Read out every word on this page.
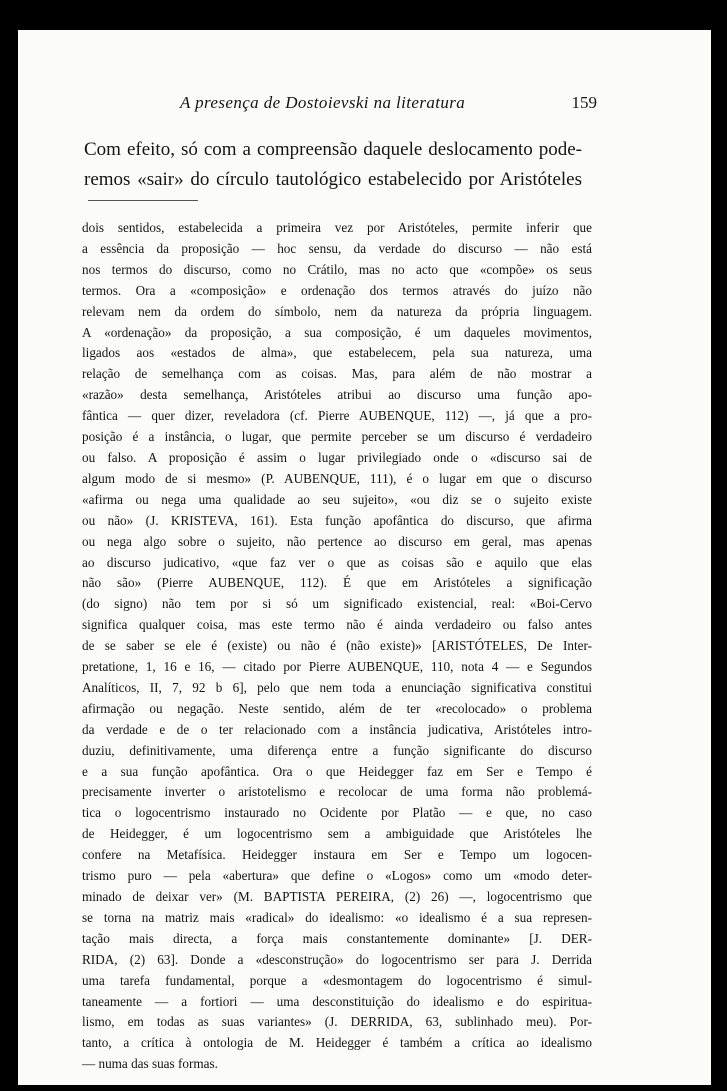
A presença de Dostoievski na literatura	159

Com efeito, só com a compreensão daquele deslocamento pode-
remos «sair» do círculo tautológico estabelecido por Aristóteles

dois sentidos, estabelecida a primeira vez por Aristóteles, permite inferir que
a essência da proposição — hoc sensu, da verdade do discurso — não está
nos termos do discurso, como no Crátilo, mas no acto que «compõe» os seus
termos. Ora a «composição» e ordenação dos termos através do juízo não
relevam nem da ordem do símbolo, nem da natureza da própria linguagem.
A «ordenação» da proposição, a sua composição, é um daqueles movimentos,
ligados aos «estados de alma», que estabelecem, pela sua natureza, uma
relação de semelhança com as coisas. Mas, para além de não mostrar a
«razão» desta semelhança, Aristóteles atribui ao discurso uma função apo-
fântica — quer dizer, reveladora (cf. Pierre AUBENQUE, 112) —, já que a pro-
posição é a instância, o lugar, que permite perceber se um discurso é verdadeiro
ou falso. A proposição é assim o lugar privilegiado onde o «discurso sai de
algum modo de si mesmo» (P. AUBENQUE, 111), é o lugar em que o discurso
«afirma ou nega uma qualidade ao seu sujeito», «ou diz se o sujeito existe
ou não» (J. KRISTEVA, 161). Esta função apofântica do discurso, que afirma
ou nega algo sobre o sujeito, não pertence ao discurso em geral, mas apenas
ao discurso judicativo, «que faz ver o que as coisas são e aquilo que elas
não são» (Pierre AUBENQUE, 112). É que em Aristóteles a significação
(do signo) não tem por si só um significado existencial, real: «Boi-Cervo
significa qualquer coisa, mas este termo não é ainda verdadeiro ou falso antes
de se saber se ele é (existe) ou não é (não existe)» [ARISTÓTELES, De Inter-
pretatione, 1, 16 e 16, — citado por Pierre AUBENQUE, 110, nota 4 — e Segundos
Analíticos, II, 7, 92 b 6], pelo que nem toda a enunciação significativa constitui
afirmação ou negação. Neste sentido, além de ter «recolocado» o problema
da verdade e de o ter relacionado com a instância judicativa, Aristóteles intro-
duziu, definitivamente, uma diferença entre a função significante do discurso
e a sua função apofântica. Ora o que Heidegger faz em Ser e Tempo é
precisamente inverter o aristotelismo e recolocar de uma forma não problemá-
tica o logocentrismo instaurado no Ocidente por Platão — e que, no caso
de Heidegger, é um logocentrismo sem a ambiguidade que Aristóteles lhe
confere na Metafísica. Heidegger instaura em Ser e Tempo um logocen-
trismo puro — pela «abertura» que define o «Logos» como um «modo deter-
minado de deixar ver» (M. BAPTISTA PEREIRA, (2) 26) —, logocentrismo que
se torna na matriz mais «radical» do idealismo: «o idealismo é a sua represen-
tação mais directa, a força mais constantemente dominante» [J. DER-
RIDA, (2) 63]. Donde a «desconstrução» do logocentrismo ser para J. Derrida
uma tarefa fundamental, porque a «desmontagem do logocentrismo é simul-
taneamente — a fortiori — uma desconstituição do idealismo e do espiritua-
lismo, em todas as suas variantes» (J. DERRIDA, 63, sublinhado meu). Por-
tanto, a crítica à ontologia de M. Heidegger é também a crítica ao idealismo
— numa das suas formas.
